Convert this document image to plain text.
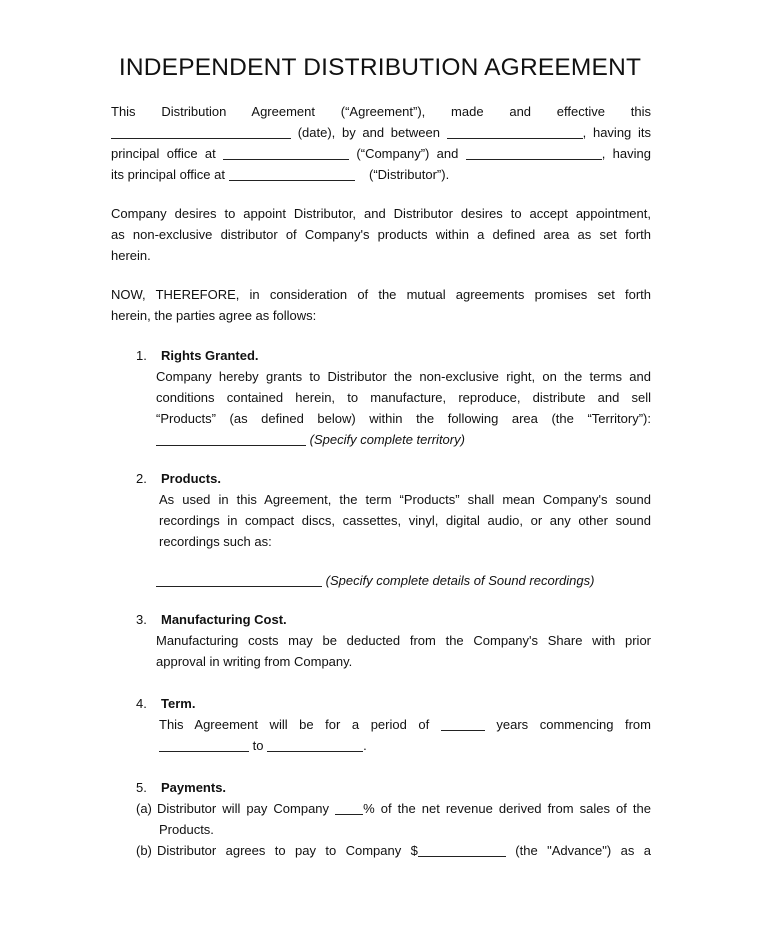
INDEPENDENT DISTRIBUTION AGREEMENT

This Distribution Agreement (“Agreement”), made and effective this

(date), by and between	, having its

principal office at	(“Company”) and	, having

its principal office at	(“Distributor”).

Company desires to appoint Distributor, and Distributor desires to accept appointment,

as non-exclusive distributor of Company's products within a defined area as set forth

herein.

NOW, THEREFORE, in consideration of the mutual agreements promises set forth

herein, the parties agree as follows:

1.	Rights Granted.

Company hereby grants to Distributor the non-exclusive right, on the terms and

conditions contained herein, to manufacture, reproduce, distribute and sell

“Products” (as defined below) within the following area (the “Territory”):

(Specify complete territory)

2.	Products.

As used in this Agreement, the term “Products” shall mean Company's sound

recordings in compact discs, cassettes, vinyl, digital audio, or any other sound

recordings such as:

(Specify complete details of Sound recordings)

3.	Manufacturing Cost.

Manufacturing costs may be deducted from the Company's Share with prior

approval in writing from Company.

4.	Term.

This Agreement will be for a period of	years commencing from

to	.

5.	Payments.
(a) Distributor will pay Company	% of the net revenue derived from sales of the

Products.

(b) Distributor agrees to pay to Company $	(the "Advance") as a
